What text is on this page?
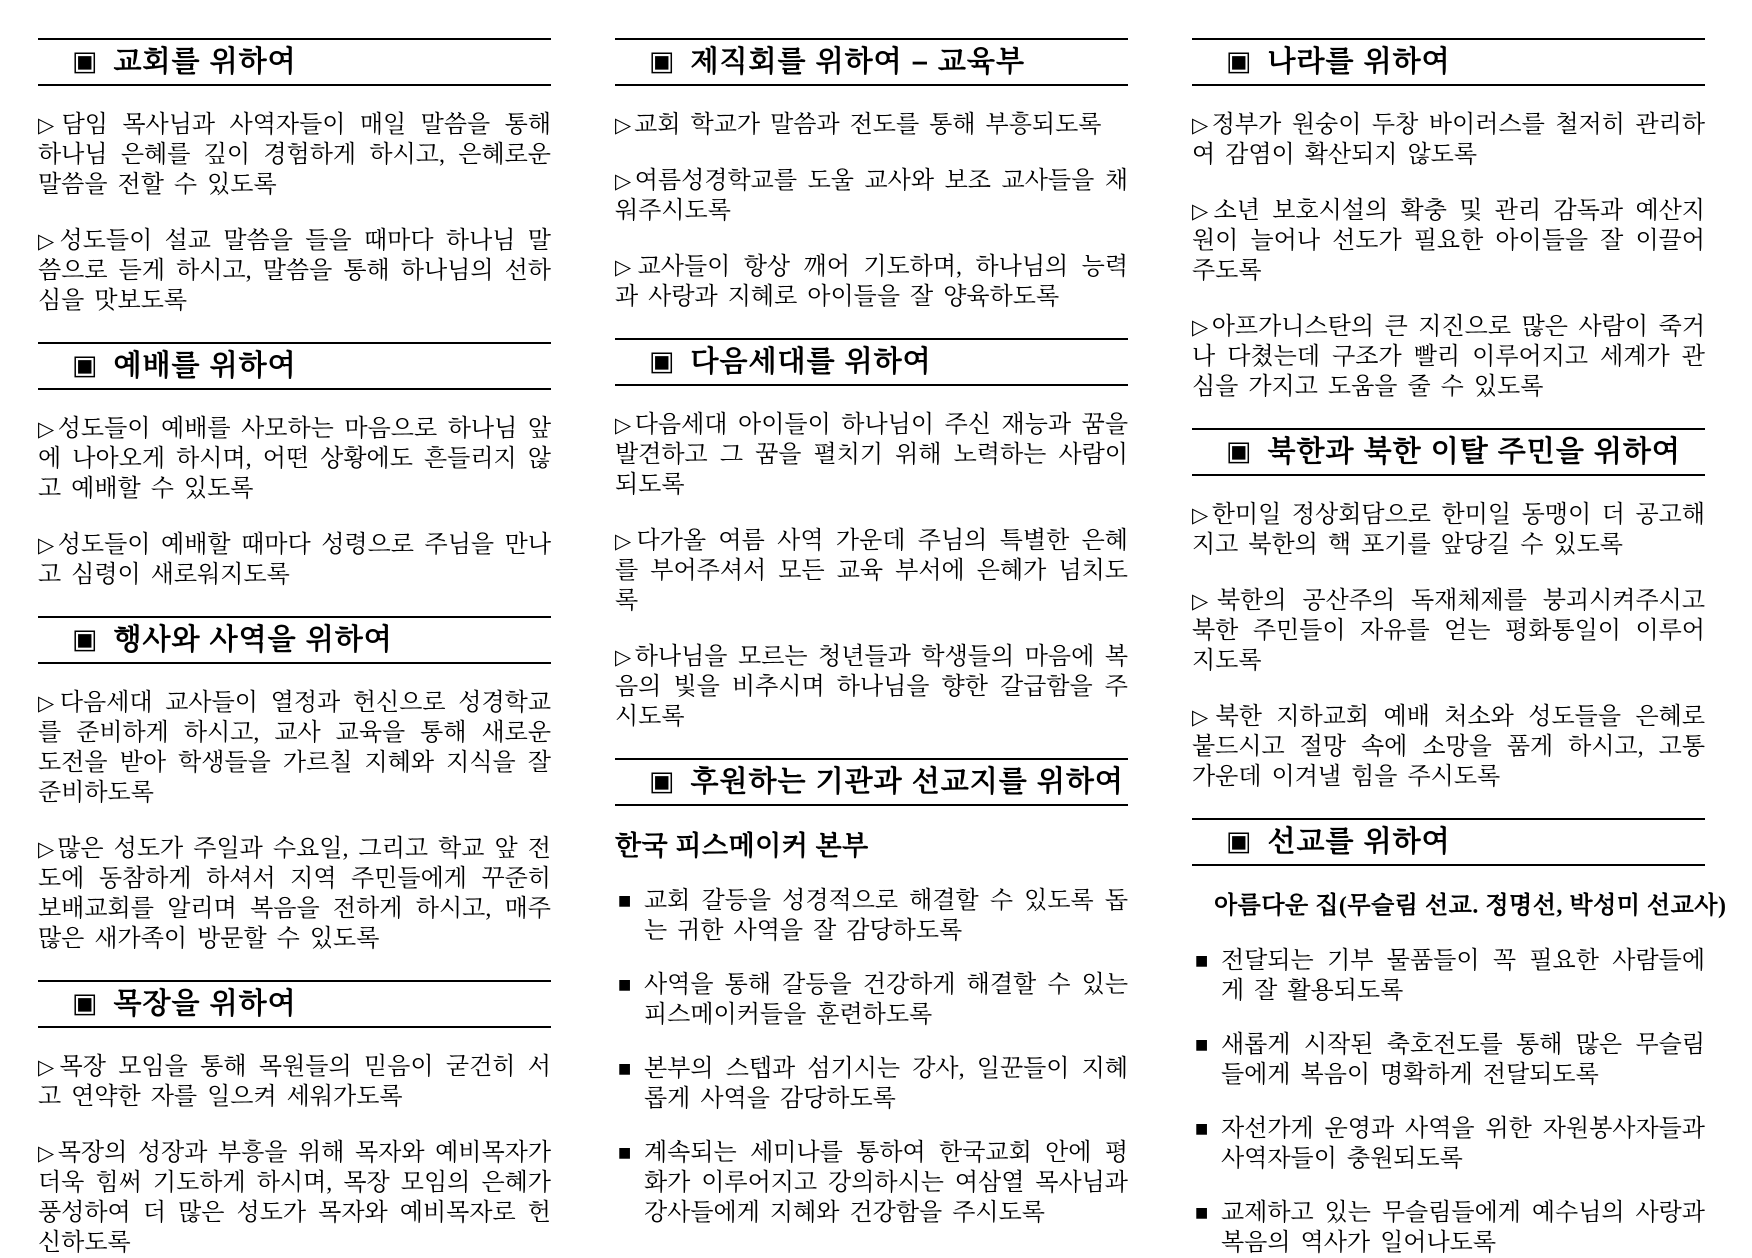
▣ 교회를 위하여

▷ 담임 목사님과 사역자들이 매일 말씀을 통해 하나님 은혜를 깊이 경험하게 하시고, 은혜로운 말씀을 전할 수 있도록

▷ 성도들이 설교 말씀을 들을 때마다 하나님 말씀으로 듣게 하시고, 말씀을 통해 하나님의 선하심을 맛보도록

▣ 예배를 위하여

▷ 성도들이 예배를 사모하는 마음으로 하나님 앞에 나아오게 하시며, 어떤 상황에도 흔들리지 않고 예배할 수 있도록

▷ 성도들이 예배할 때마다 성령으로 주님을 만나고 심령이 새로워지도록

▣ 행사와 사역을 위하여

▷ 다음세대 교사들이 열정과 헌신으로 성경학교를 준비하게 하시고, 교사 교육을 통해 새로운 도전을 받아 학생들을 가르칠 지혜와 지식을 잘 준비하도록

▷ 많은 성도가 주일과 수요일, 그리고 학교 앞 전도에 동참하게 하셔서 지역 주민들에게 꾸준히 보배교회를 알리며 복음을 전하게 하시고, 매주 많은 새가족이 방문할 수 있도록

▣ 목장을 위하여

▷ 목장 모임을 통해 목원들의 믿음이 굳건히 서고 연약한 자를 일으켜 세워가도록

▷ 목장의 성장과 부흥을 위해 목자와 예비목자가 더욱 힘써 기도하게 하시며, 목장 모임의 은혜가 풍성하여 더 많은 성도가 목자와 예비목자로 헌신하도록

▣ 제직회를 위하여 – 교육부

▷ 교회 학교가 말씀과 전도를 통해 부흥되도록

▷ 여름성경학교를 도울 교사와 보조 교사들을 채워주시도록

▷ 교사들이 항상 깨어 기도하며, 하나님의 능력과 사랑과 지혜로 아이들을 잘 양육하도록

▣ 다음세대를 위하여

▷ 다음세대 아이들이 하나님이 주신 재능과 꿈을 발견하고 그 꿈을 펼치기 위해 노력하는 사람이 되도록

▷ 다가올 여름 사역 가운데 주님의 특별한 은혜를 부어주셔서 모든 교육 부서에 은혜가 넘치도록

▷ 하나님을 모르는 청년들과 학생들의 마음에 복음의 빛을 비추시며 하나님을 향한 갈급함을 주시도록

▣ 후원하는 기관과 선교지를 위하여
한국 피스메이커 본부
■ 교회 갈등을 성경적으로 해결할 수 있도록 돕는 귀한 사역을 잘 감당하도록
■ 사역을 통해 갈등을 건강하게 해결할 수 있는 피스메이커들을 훈련하도록
■ 본부의 스텝과 섬기시는 강사, 일꾼들이 지혜롭게 사역을 감당하도록
■ 계속되는 세미나를 통하여 한국교회 안에 평화가 이루어지고 강의하시는 여삼열 목사님과 강사들에게 지혜와 건강함을 주시도록
▣ 나라를 위하여

▷ 정부가 원숭이 두창 바이러스를 철저히 관리하여 감염이 확산되지 않도록

▷ 소년 보호시설의 확충 및 관리 감독과 예산지원이 늘어나 선도가 필요한 아이들을 잘 이끌어 주도록

▷ 아프가니스탄의 큰 지진으로 많은 사람이 죽거나 다쳤는데 구조가 빨리 이루어지고 세계가 관심을 가지고 도움을 줄 수 있도록

▣ 북한과 북한 이탈 주민을 위하여

▷ 한미일 정상회담으로 한미일 동맹이 더 공고해지고 북한의 핵 포기를 앞당길 수 있도록

▷ 북한의 공산주의 독재체제를 붕괴시켜주시고 북한 주민들이 자유를 얻는 평화통일이 이루어지도록

▷ 북한 지하교회 예배 처소와 성도들을 은혜로 붙드시고 절망 속에 소망을 품게 하시고, 고통 가운데 이겨낼 힘을 주시도록

▣ 선교를 위하여
아름다운 집(무슬림 선교. 정명선, 박성미 선교사)
■ 전달되는 기부 물품들이 꼭 필요한 사람들에게 잘 활용되도록
■ 새롭게 시작된 축호전도를 통해 많은 무슬림들에게 복음이 명확하게 전달되도록
■ 자선가게 운영과 사역을 위한 자원봉사자들과 사역자들이 충원되도록
■ 교제하고 있는 무슬림들에게 예수님의 사랑과 복음의 역사가 일어나도록
